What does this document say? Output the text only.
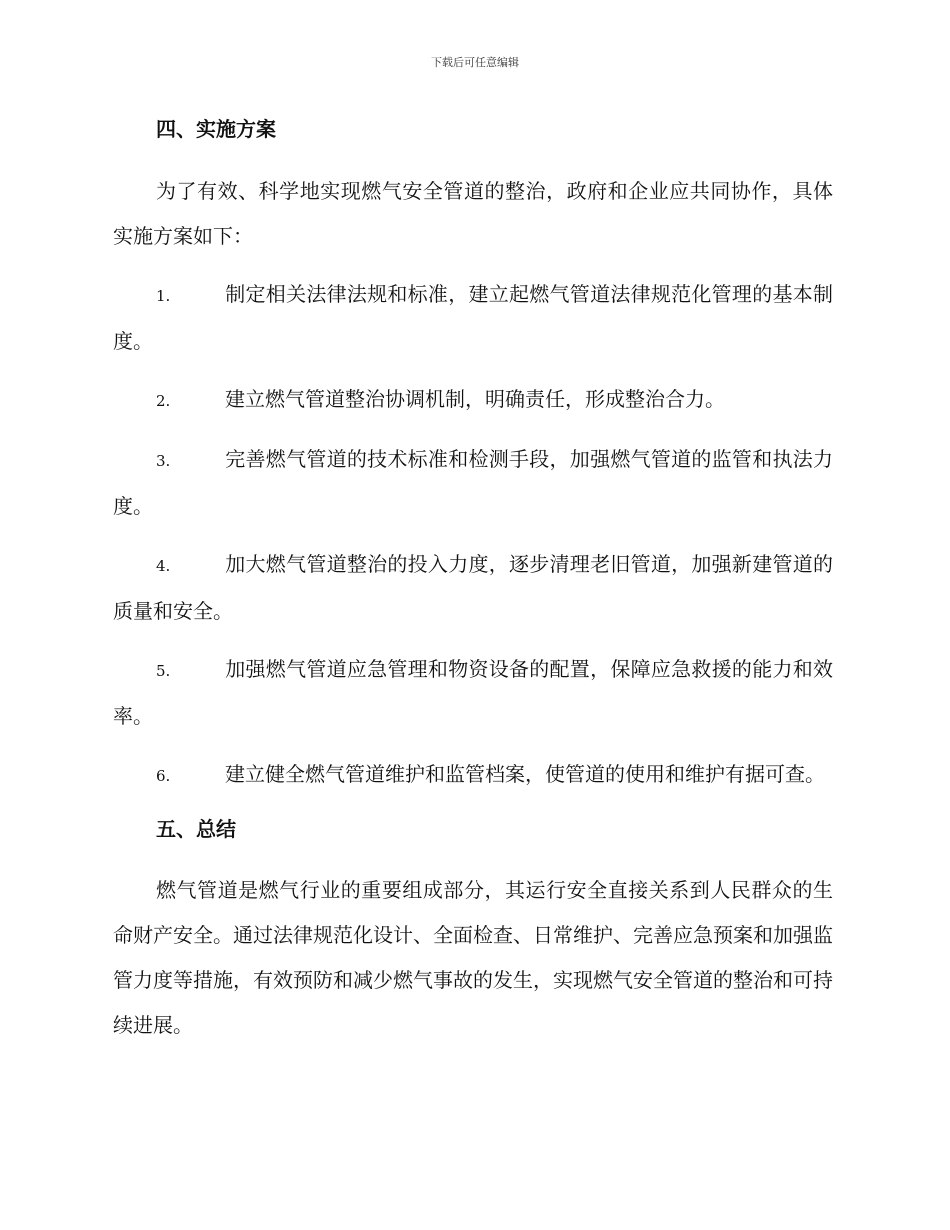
下载后可任意编辑
四、实施方案

为了有效、科学地实现燃气安全管道的整治，政府和企业应共同协作，具体实施方案如下：

1.	制定相关法律法规和标准，建立起燃气管道法律规范化管理的基本制度。
2.	建立燃气管道整治协调机制，明确责任，形成整治合力。
3.	完善燃气管道的技术标准和检测手段，加强燃气管道的监管和执法力度。
4.	加大燃气管道整治的投入力度，逐步清理老旧管道，加强新建管道的质量和安全。
5.	加强燃气管道应急管理和物资设备的配置，保障应急救援的能力和效率。
6.	建立健全燃气管道维护和监管档案，使管道的使用和维护有据可查。
五、总结

燃气管道是燃气行业的重要组成部分，其运行安全直接关系到人民群众的生命财产安全。通过法律规范化设计、全面检查、日常维护、完善应急预案和加强监管力度等措施，有效预防和减少燃气事故的发生，实现燃气安全管道的整治和可持续进展。
